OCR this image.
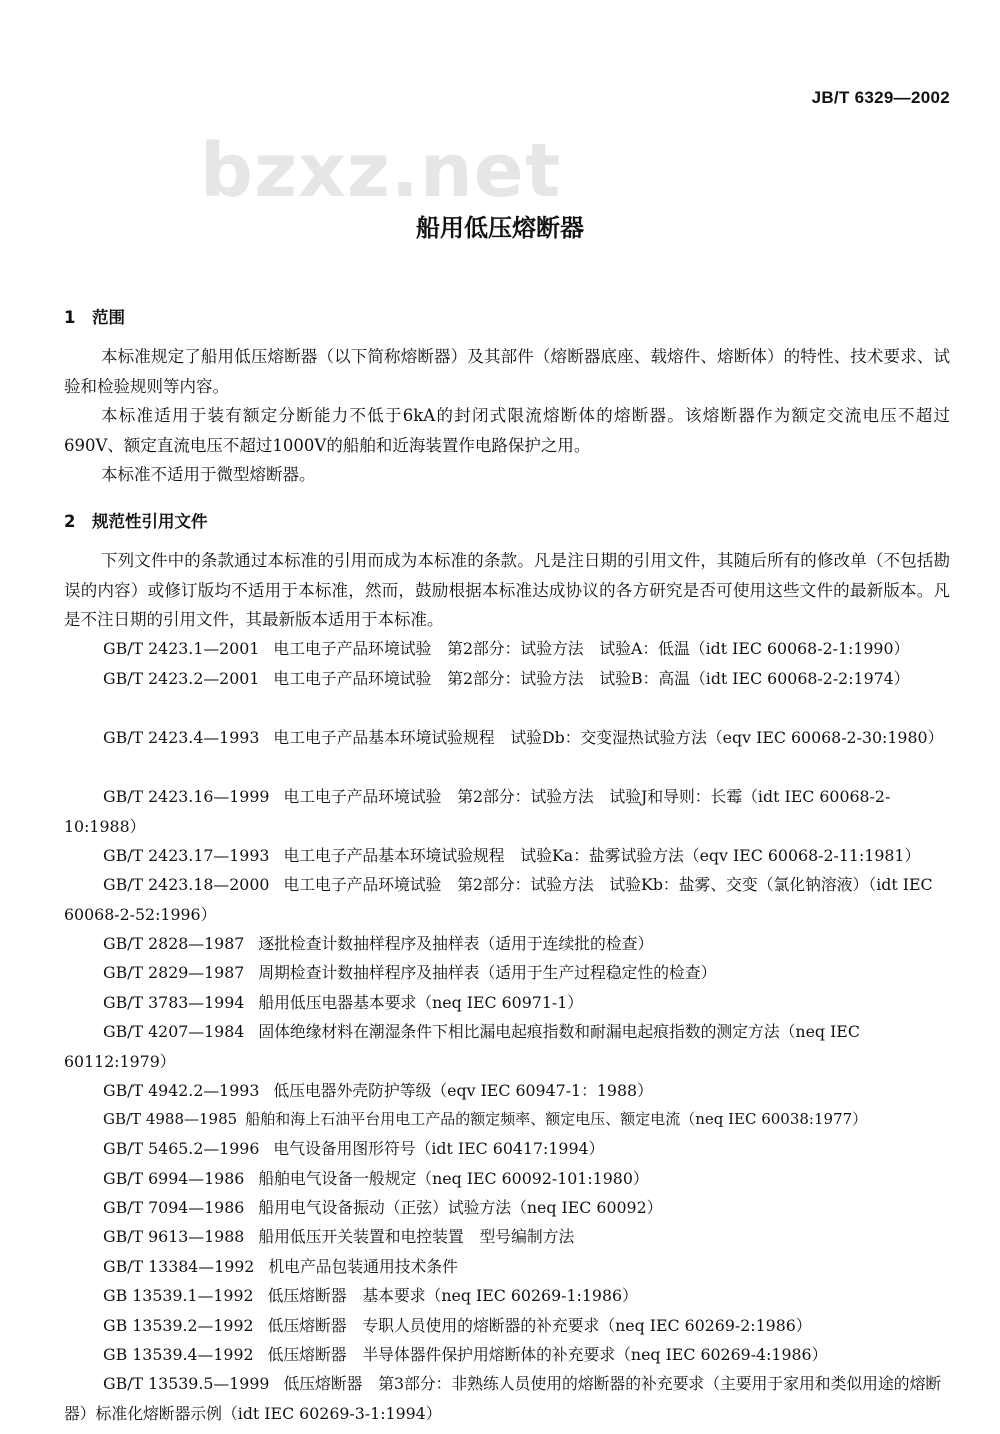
JB/T 6329—2002
bzxz.net
船用低压熔断器
1　范围

本标准规定了船用低压熔断器（以下简称熔断器）及其部件（熔断器底座、载熔件、熔断体）的特性、技术要求、试验和检验规则等内容。

本标准适用于装有额定分断能力不低于6kA的封闭式限流熔断体的熔断器。该熔断器作为额定交流电压不超过690V、额定直流电压不超过1000V的船舶和近海装置作电路保护之用。

本标准不适用于微型熔断器。

2　规范性引用文件

下列文件中的条款通过本标准的引用而成为本标准的条款。凡是注日期的引用文件，其随后所有的修改单（不包括勘误的内容）或修订版均不适用于本标准，然而，鼓励根据本标准达成协议的各方研究是否可使用这些文件的最新版本。凡是不注日期的引用文件，其最新版本适用于本标准。

GB/T 2423.1—2001 电工电子产品环境试验　第2部分：试验方法　试验A：低温（idt IEC 60068-2-1:1990）

GB/T 2423.2—2001 电工电子产品环境试验　第2部分：试验方法　试验B：高温（idt IEC 60068-2-2:1974）

GB/T 2423.4—1993 电工电子产品基本环境试验规程　试验Db：交变湿热试验方法（eqv IEC 60068-2-30:1980）

GB/T 2423.16—1999 电工电子产品环境试验　第2部分：试验方法　试验J和导则：长霉（idt IEC 60068-2-10:1988）

GB/T 2423.17—1993 电工电子产品基本环境试验规程　试验Ka：盐雾试验方法（eqv IEC 60068-2-11:1981）

GB/T 2423.18—2000 电工电子产品环境试验　第2部分：试验方法　试验Kb：盐雾、交变（氯化钠溶液）（idt IEC 60068-2-52:1996）

GB/T 2828—1987 逐批检查计数抽样程序及抽样表（适用于连续批的检查）

GB/T 2829—1987 周期检查计数抽样程序及抽样表（适用于生产过程稳定性的检查）

GB/T 3783—1994 船用低压电器基本要求（neq IEC 60971-1）

GB/T 4207—1984 固体绝缘材料在潮湿条件下相比漏电起痕指数和耐漏电起痕指数的测定方法（neq IEC 60112:1979）

GB/T 4942.2—1993 低压电器外壳防护等级（eqv IEC 60947-1：1988）

GB/T 4988—1985 船舶和海上石油平台用电工产品的额定频率、额定电压、额定电流（neq IEC 60038:1977）

GB/T 5465.2—1996 电气设备用图形符号（idt IEC 60417:1994）

GB/T 6994—1986 船舶电气设备一般规定（neq IEC 60092-101:1980）

GB/T 7094—1986 船用电气设备振动（正弦）试验方法（neq IEC 60092）

GB/T 9613—1988 船用低压开关装置和电控装置　型号编制方法

GB/T 13384—1992 机电产品包装通用技术条件

GB 13539.1—1992 低压熔断器　基本要求（neq IEC 60269-1:1986）

GB 13539.2—1992 低压熔断器　专职人员使用的熔断器的补充要求（neq IEC 60269-2:1986）

GB 13539.4—1992 低压熔断器　半导体器件保护用熔断体的补充要求（neq IEC 60269-4:1986）

GB/T 13539.5—1999 低压熔断器　第3部分：非熟练人员使用的熔断器的补充要求（主要用于家用和类似用途的熔断器）标准化熔断器示例（idt IEC 60269-3-1:1994）
